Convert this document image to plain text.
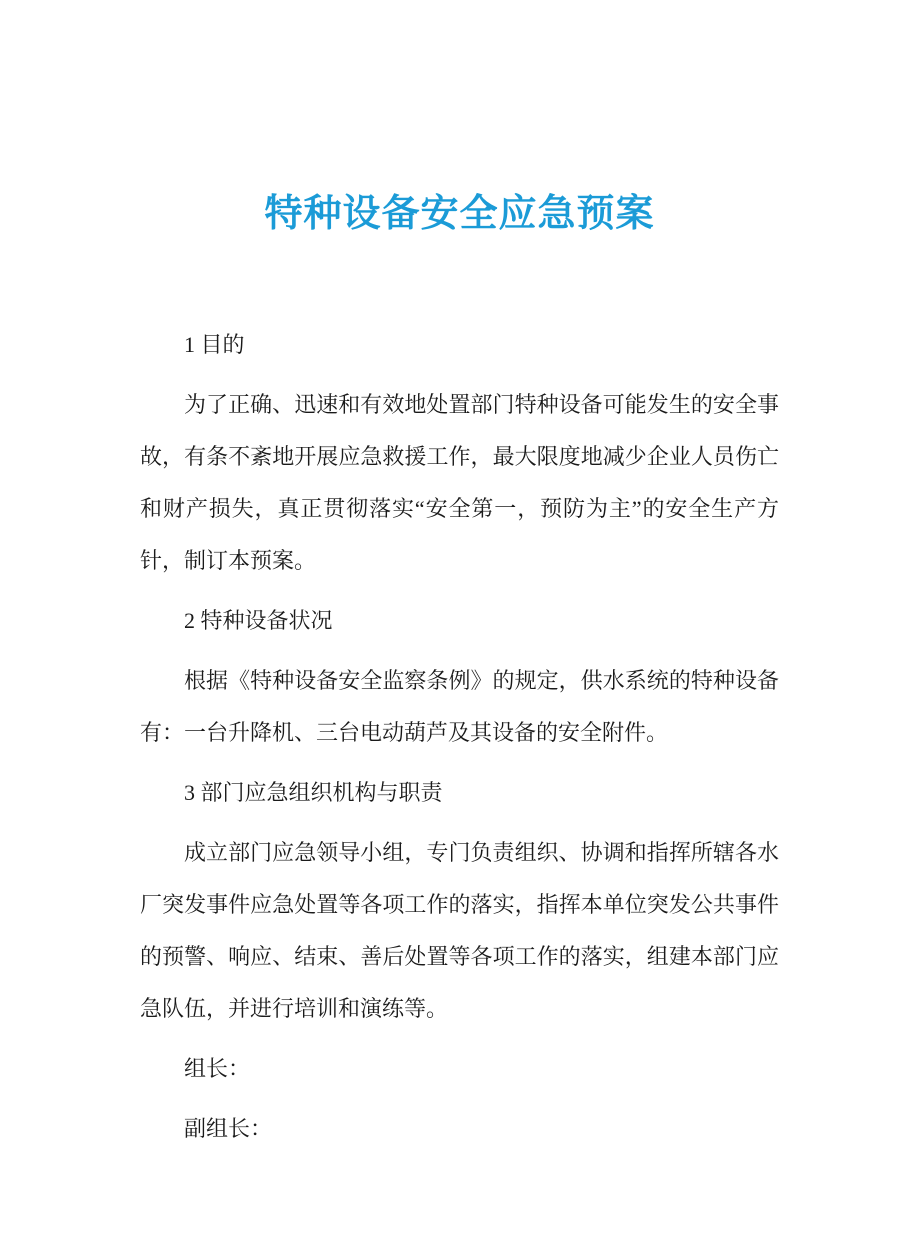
特种设备安全应急预案

1 目的

为了正确、迅速和有效地处置部门特种设备可能发生的安全事故，有条不紊地开展应急救援工作，最大限度地减少企业人员伤亡和财产损失，真正贯彻落实“安全第一，预防为主”的安全生产方针，制订本预案。

2 特种设备状况

根据《特种设备安全监察条例》的规定，供水系统的特种设备有：一台升降机、三台电动葫芦及其设备的安全附件。

3 部门应急组织机构与职责

成立部门应急领导小组，专门负责组织、协调和指挥所辖各水厂突发事件应急处置等各项工作的落实，指挥本单位突发公共事件的预警、响应、结束、善后处置等各项工作的落实，组建本部门应急队伍，并进行培训和演练等。

组长：

副组长：
